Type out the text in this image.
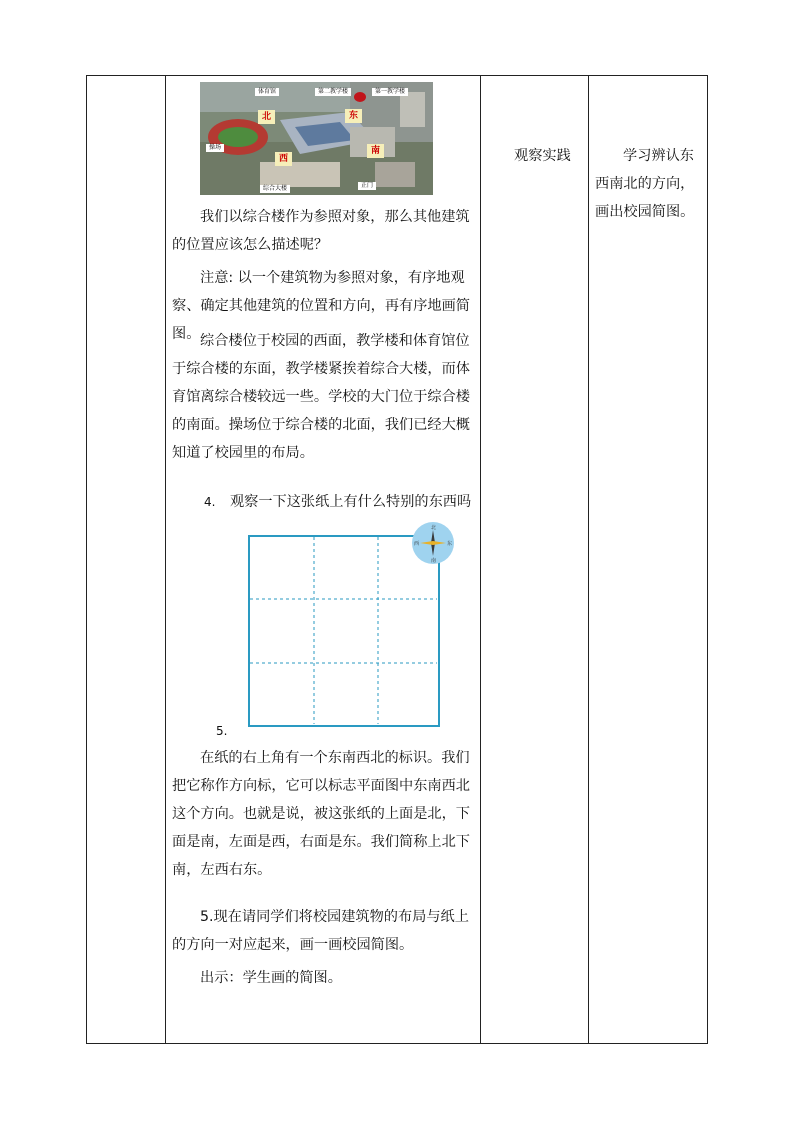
体育馆	第二教学楼	第一教学楼
操场
综合大楼	正门
北	东
西
南

我们以综合楼作为参照对象，那么其他建筑的位置应该怎么描述呢？

注意: 以一个建筑物为参照对象，有序地观察、确定其他建筑的位置和方向，再有序地画简图。 综合楼位于校园的西面，教学楼和体育馆位于综合楼的东面，教学楼紧挨着综合大楼，而体育馆离综合楼较远一些。学校的大门位于综合楼的南面。操场位于综合楼的北面，我们已经大概知道了校园里的布局。

4. 观察一下这张纸上有什么特别的东西吗
北
南
西	东
5.

在纸的右上角有一个东南西北的标识。我们把它称作方向标，它可以标志平面图中东南西北这个方向。也就是说，被这张纸的上面是北，下面是南，左面是西，右面是东。我们简称上北下南，左西右东。

5.现在请同学们将校园建筑物的布局与纸上的方向一对应起来，画一画校园简图。

出示：学生画的简图。

观察实践	学习辨认东西南北的方向，画出校园简图。
